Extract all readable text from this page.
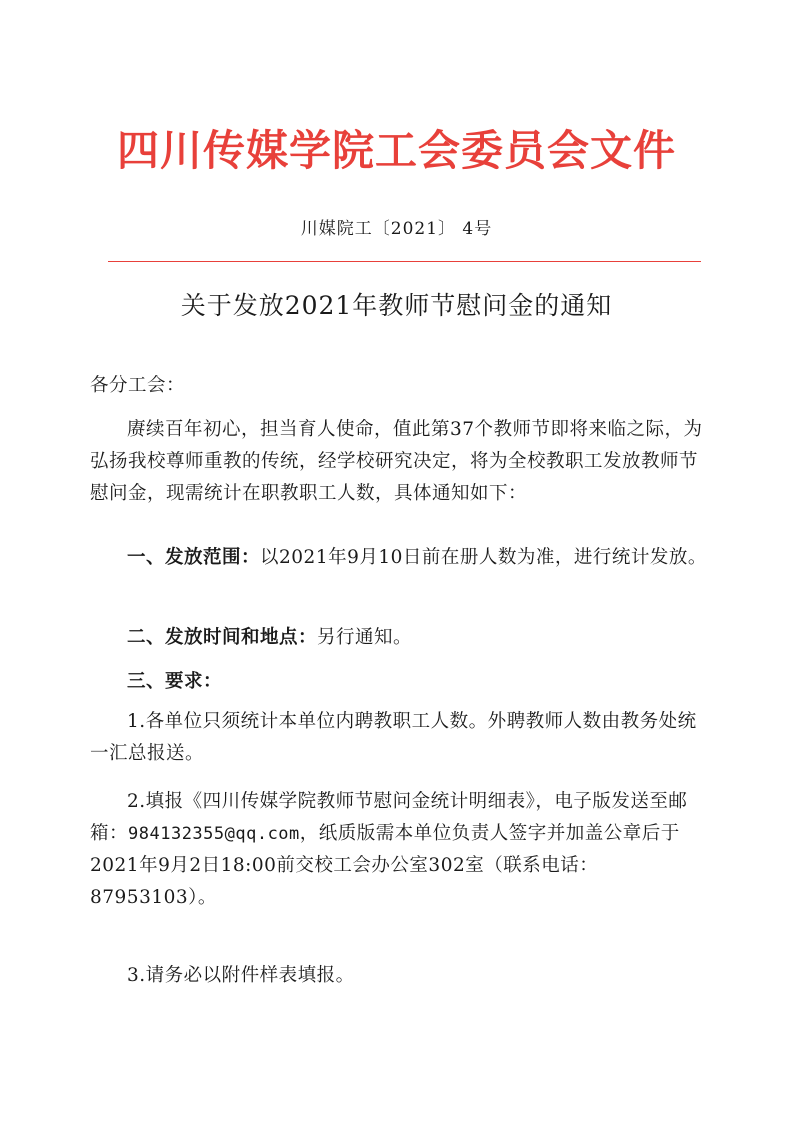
四川传媒学院工会委员会文件
川媒院工〔2021〕 4号
关于发放2021年教师节慰问金的通知
各分工会：
赓续百年初心，担当育人使命，值此第37个教师节即将来临之际，为弘扬我校尊师重教的传统，经学校研究决定，将为全校教职工发放教师节慰问金，现需统计在职教职工人数，具体通知如下：
一、发放范围：以2021年9月10日前在册人数为准，进行统计发放。
二、发放时间和地点：另行通知。
三、要求：
1.各单位只须统计本单位内聘教职工人数。外聘教师人数由教务处统一汇总报送。
2.填报《四川传媒学院教师节慰问金统计明细表》，电子版发送至邮箱：984132355@qq.com，纸质版需本单位负责人签字并加盖公章后于2021年9月2日18:00前交校工会办公室302室（联系电话：87953103）。
3.请务必以附件样表填报。
